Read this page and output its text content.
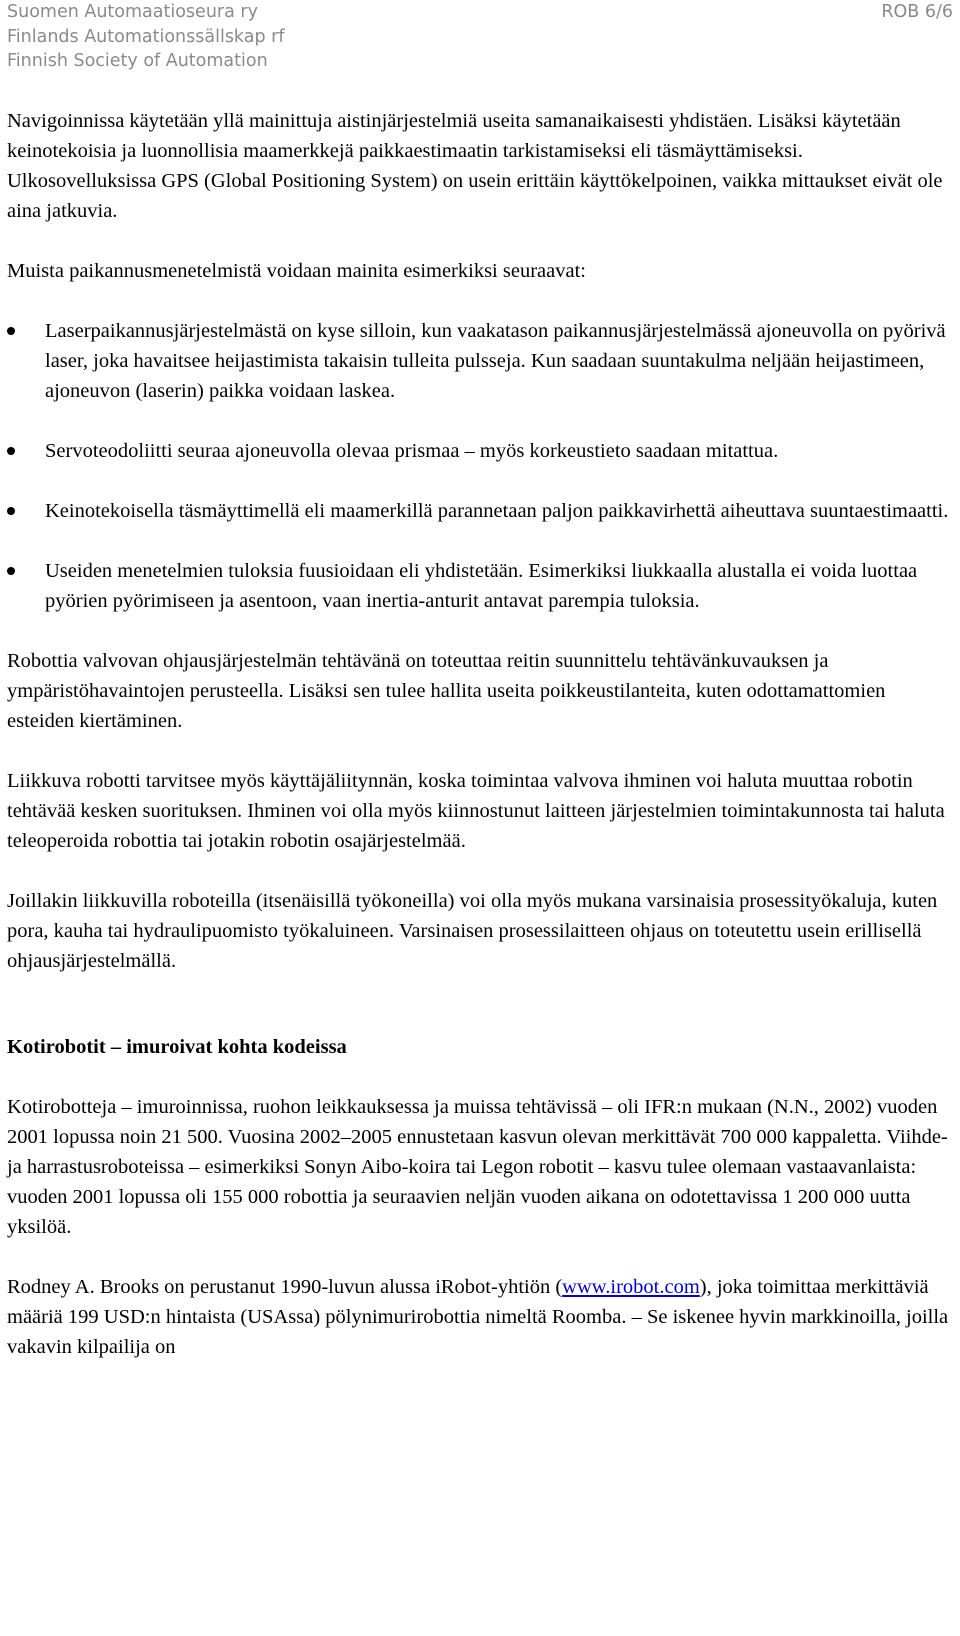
Suomen Automaatioseura ry
Finlands Automationssällskap rf
Finnish Society of Automation
ROB 6/6

Navigoinnissa käytetään yllä mainittuja aistinjärjestelmiä useita samanaikaisesti yhdistäen. Lisäksi käytetään keinotekoisia ja luonnollisia maamerkkejä paikkaestimaatin tarkistamiseksi eli täsmäyttämiseksi. Ulkosovelluksissa GPS (Global Positioning System) on usein erittäin käyttökelpoinen, vaikka mittaukset eivät ole aina jatkuvia.

Muista paikannusmenetelmistä voidaan mainita esimerkiksi seuraavat:

Laserpaikannusjärjestelmästä on kyse silloin, kun vaakatason paikannusjärjestelmässä ajoneuvolla on pyörivä laser, joka havaitsee heijastimista takaisin tulleita pulsseja. Kun saadaan suuntakulma neljään heijastimeen, ajoneuvon (laserin) paikka voidaan laskea.
Servoteodoliitti seuraa ajoneuvolla olevaa prismaa – myös korkeustieto saadaan mitattua.
Keinotekoisella täsmäyttimellä eli maamerkillä parannetaan paljon paikkavirhettä aiheuttava suuntaestimaatti.
Useiden menetelmien tuloksia fuusioidaan eli yhdistetään. Esimerkiksi liukkaalla alustalla ei voida luottaa pyörien pyörimiseen ja asentoon, vaan inertia-anturit antavat parempia tuloksia.

Robottia valvovan ohjausjärjestelmän tehtävänä on toteuttaa reitin suunnittelu tehtävänkuvauksen ja ympäristöhavaintojen perusteella. Lisäksi sen tulee hallita useita poikkeustilanteita, kuten odottamattomien esteiden kiertäminen.

Liikkuva robotti tarvitsee myös käyttäjäliitynnän, koska toimintaa valvova ihminen voi haluta muuttaa robotin tehtävää kesken suorituksen. Ihminen voi olla myös kiinnostunut laitteen järjestelmien toimintakunnosta tai haluta teleoperoida robottia tai jotakin robotin osajärjestelmää.

Joillakin liikkuvilla roboteilla (itsenäisillä työkoneilla) voi olla myös mukana varsinaisia prosessityökaluja, kuten pora, kauha tai hydraulipuomisto työkaluineen. Varsinaisen prosessilaitteen ohjaus on toteutettu usein erillisellä ohjausjärjestelmällä.

Kotirobotit – imuroivat kohta kodeissa

Kotirobotteja – imuroinnissa, ruohon leikkauksessa ja muissa tehtävissä – oli IFR:n mukaan (N.N., 2002) vuoden 2001 lopussa noin 21 500. Vuosina 2002–2005 ennustetaan kasvun olevan merkittävät 700 000 kappaletta. Viihde- ja harrastusroboteissa – esimerkiksi Sonyn Aibo-koira tai Legon robotit – kasvu tulee olemaan vastaavanlaista: vuoden 2001 lopussa oli 155 000 robottia ja seuraavien neljän vuoden aikana on odotettavissa 1 200 000 uutta yksilöä.

Rodney A. Brooks on perustanut 1990-luvun alussa iRobot-yhtiön (www.irobot.com), joka toimittaa merkittäviä määriä 199 USD:n hintaista (USAssa) pölynimurirobottia nimeltä Roomba. – Se iskenee hyvin markkinoilla, joilla vakavin kilpailija on
